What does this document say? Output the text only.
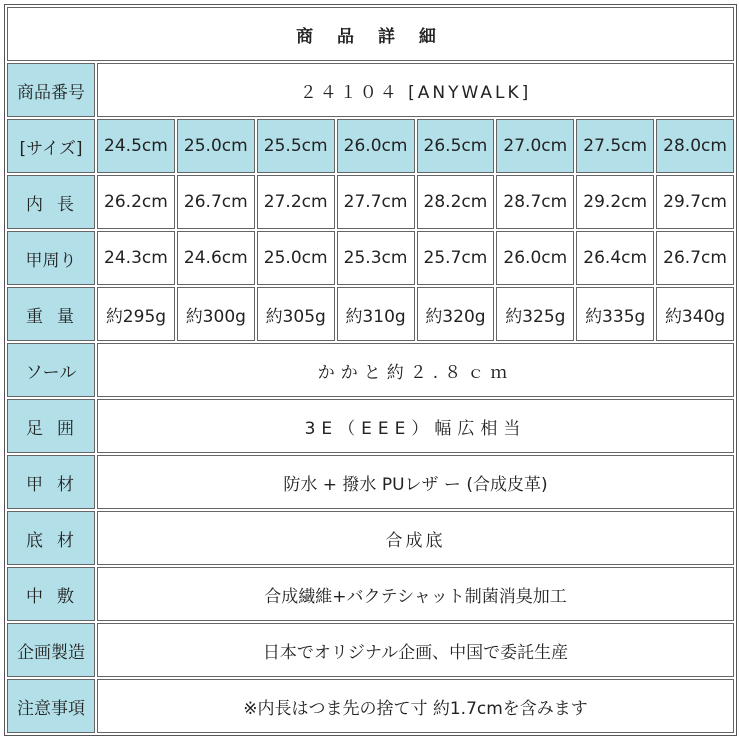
商 品 詳 細								
商品番号	２４１０４ [ANYWALK]							
[サイズ]	24.5cm	25.0cm	25.5cm	26.0cm	26.5cm	27.0cm	27.5cm	28.0cm
内長	26.2cm	26.7cm	27.2cm	27.7cm	28.2cm	28.7cm	29.2cm	29.7cm
甲周り	24.3cm	24.6cm	25.0cm	25.3cm	25.7cm	26.0cm	26.4cm	26.7cm
重量	約295g	約300g	約305g	約310g	約320g	約325g	約335g	約340g
ソール	かかと約２.８ｃｍ							
足囲	3E（EEE）幅広相当							
甲材	防水 + 撥水 PUレザ ー (合成皮革)							
底材	合成底							
中敷	合成繊維+バクテシャット制菌消臭加工							
企画製造	日本でオリジナル企画、中国で委託生産							
注意事項	※内長はつま先の捨て寸 約1.7cmを含みます							
